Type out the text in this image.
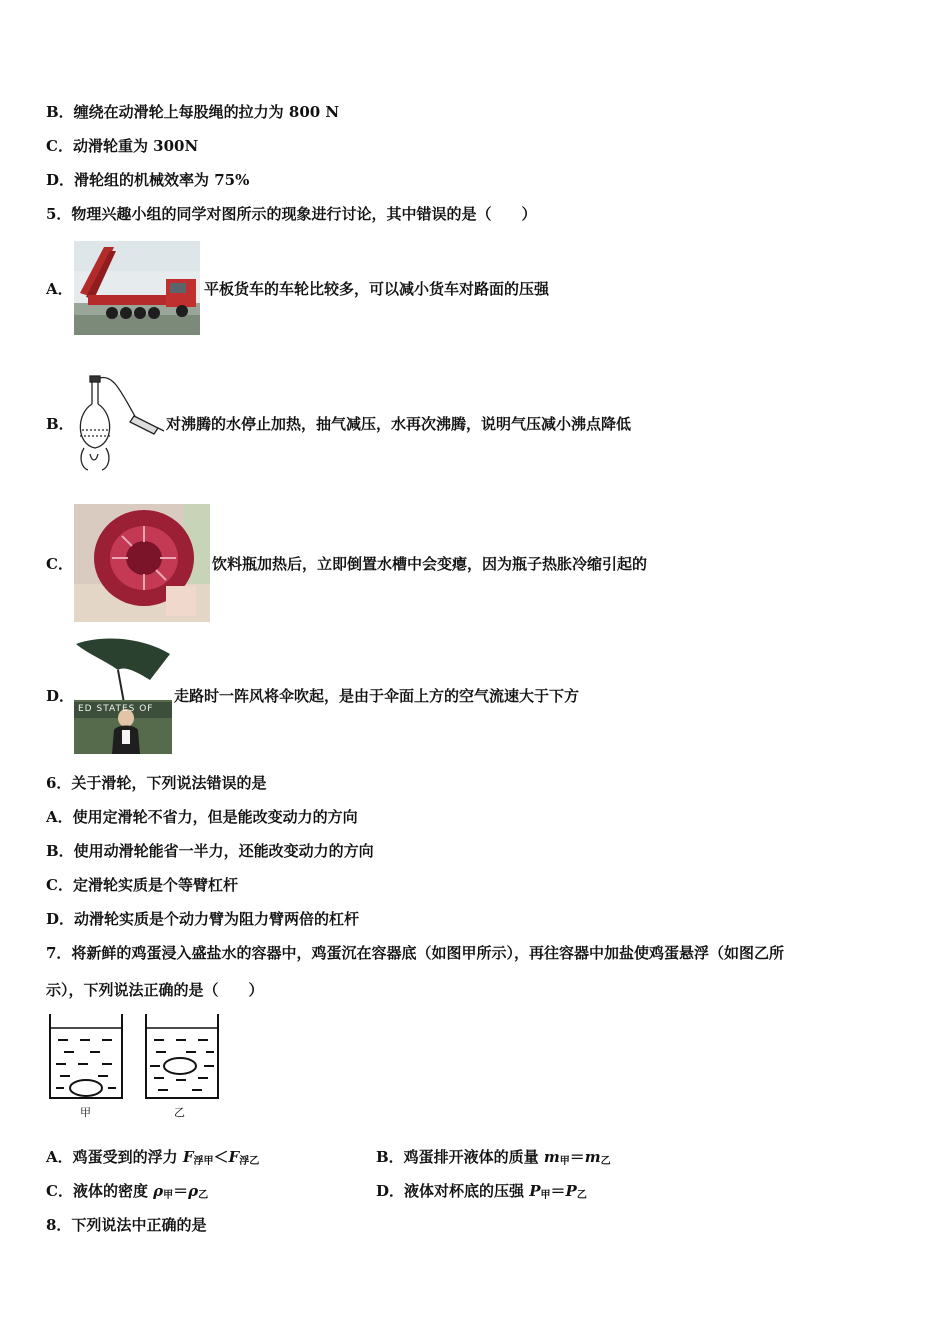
B．缠绕在动滑轮上每股绳的拉力为 800 N
C．动滑轮重为 300N
D．滑轮组的机械效率为 75%
5．物理兴趣小组的同学对图所示的现象进行讨论，其中错误的是（　　）
A．	平板货车的车轮比较多，可以减小货车对路面的压强
B．	对沸腾的水停止加热，抽气减压，水再次沸腾，说明气压减小沸点降低
C．	饮料瓶加热后，立即倒置水槽中会变瘪，因为瓶子热胀冷缩引起的
D．
ED STATES OF
走路时一阵风将伞吹起，是由于伞面上方的空气流速大于下方
6．关于滑轮，下列说法错误的是
A．使用定滑轮不省力，但是能改变动力的方向
B．使用动滑轮能省一半力，还能改变动力的方向
C．定滑轮实质是个等臂杠杆
D．动滑轮实质是个动力臂为阻力臂两倍的杠杆
7．将新鲜的鸡蛋浸入盛盐水的容器中，鸡蛋沉在容器底（如图甲所示），再往容器中加盐使鸡蛋悬浮（如图乙所
示），下列说法正确的是（　　）
甲	乙
A．鸡蛋受到的浮力 $F_{浮甲}<F_{浮乙}$	B．鸡蛋排开液体的质量 $m_甲=m_乙$
C．液体的密度 $\rho_甲=\rho_乙$	D．液体对杯底的压强 $P_甲=P_乙$
8．下列说法中正确的是
